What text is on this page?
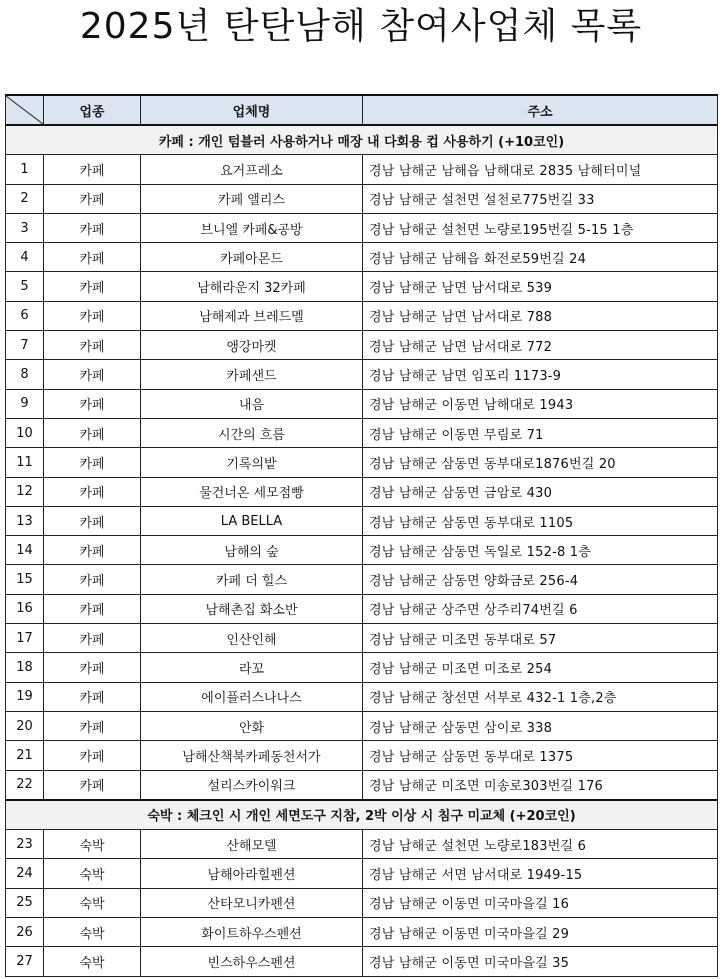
2025년 탄탄남해 참여사업체 목록
	업종	업체명	주소
카페 : 개인 텀블러 사용하거나 매장 내 다회용 컵 사용하기 (+10코인)			
1	카페	요거프레소	경남 남해군 남해읍 남해대로 2835 남해터미널
2	카페	카페 앨리스	경남 남해군 설천면 설천로775번길 33
3	카페	브니엘 카페&공방	경남 남해군 설천면 노량로195번길 5-15 1층
4	카페	카페아몬드	경남 남해군 남해읍 화전로59번길 24
5	카페	남해라운지 32카페	경남 남해군 남면 남서대로 539
6	카페	남해제과 브레드멜	경남 남해군 남면 남서대로 788
7	카페	앵강마켓	경남 남해군 남면 남서대로 772
8	카페	카페샌드	경남 남해군 남면 임포리 1173-9
9	카페	내음	경남 남해군 이동면 남해대로 1943
10	카페	시간의 흐름	경남 남해군 이동면 무림로 71
11	카페	기록의밭	경남 남해군 삼동면 동부대로1876번길 20
12	카페	물건너온 세모점빵	경남 남해군 삼동면 금암로 430
13	카페	LA BELLA	경남 남해군 삼동면 동부대로 1105
14	카페	남해의 숲	경남 남해군 삼동면 독일로 152-8 1층
15	카페	카페 더 힐스	경남 남해군 삼동면 양화금로 256-4
16	카페	남해촌집 화소반	경남 남해군 상주면 상주리74번길 6
17	카페	인산인해	경남 남해군 미조면 동부대로 57
18	카페	라꼬	경남 남해군 미조면 미조로 254
19	카페	에이플러스나나스	경남 남해군 창선면 서부로 432-1 1층,2층
20	카페	안화	경남 남해군 삼동면 삼이로 338
21	카페	남해산책북카페동천서가	경남 남해군 삼동면 동부대로 1375
22	카페	설리스카이워크	경남 남해군 미조면 미송로303번길 176
숙박 : 체크인 시 개인 세면도구 지참, 2박 이상 시 침구 미교체 (+20코인)			
23	숙박	산해모텔	경남 남해군 설천면 노량로183번길 6
24	숙박	남해아라힐펜션	경남 남해군 서면 남서대로 1949-15
25	숙박	산타모니카펜션	경남 남해군 이동면 미국마을길 16
26	숙박	화이트하우스펜션	경남 남해군 이동면 미국마을길 29
27	숙박	빈스하우스펜션	경남 남해군 이동면 미국마을길 35
